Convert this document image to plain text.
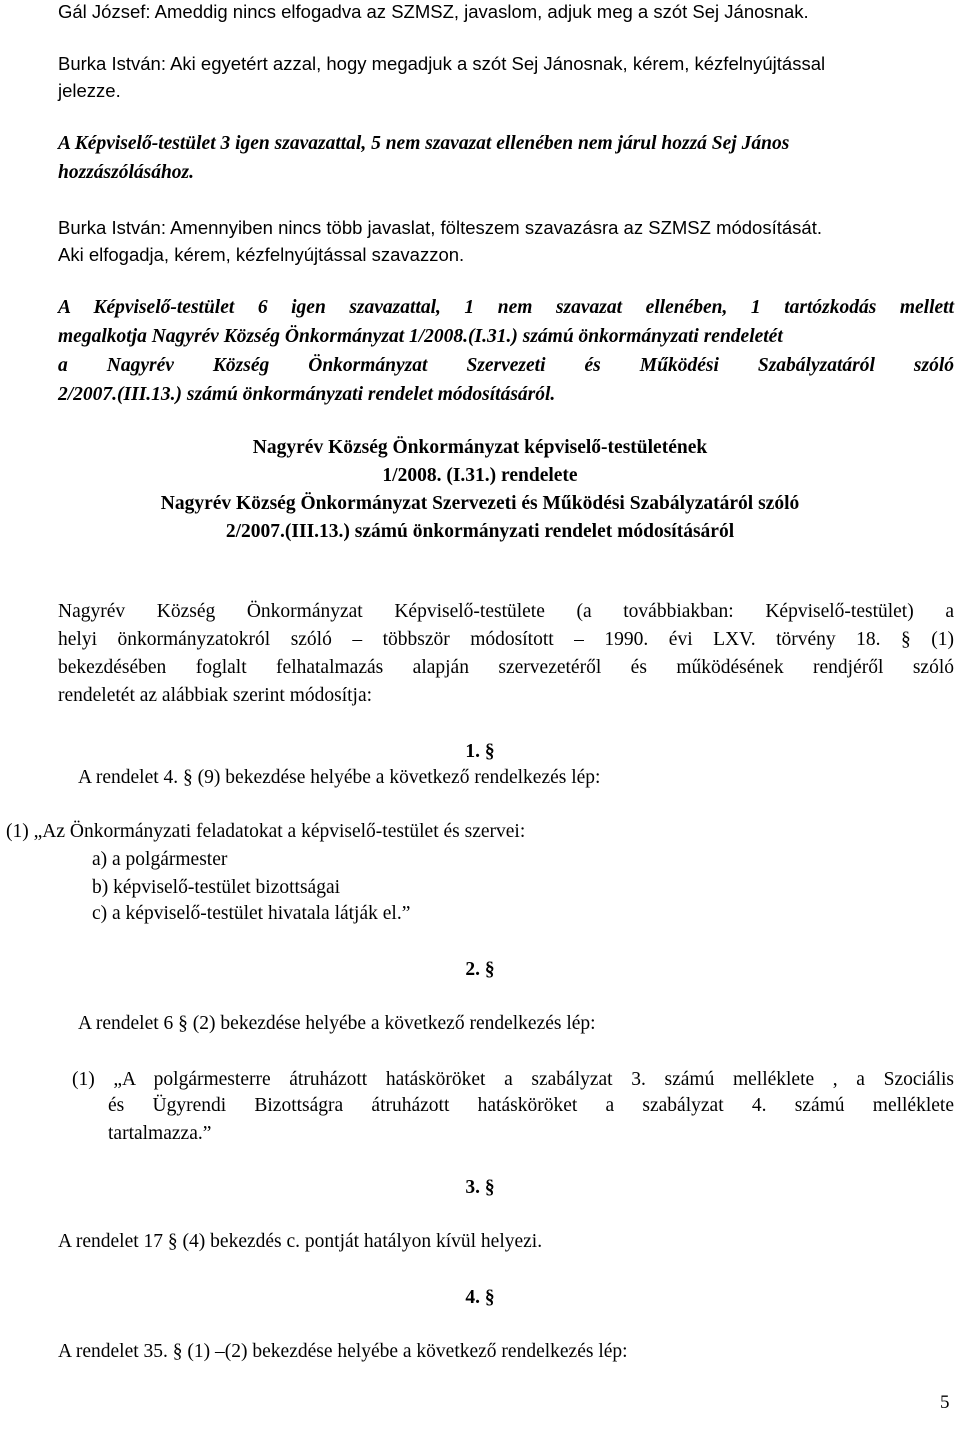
Gál József: Ameddig nincs elfogadva az SZMSZ, javaslom, adjuk meg a szót Sej Jánosnak.
Burka István: Aki egyetért azzal, hogy megadjuk a szót Sej Jánosnak, kérem, kézfelnyújtással
jelezze.
A Képviselő-testület 3 igen szavazattal, 5 nem szavazat ellenében nem járul hozzá Sej János
hozzászólásához.
Burka István: Amennyiben nincs több javaslat, fölteszem szavazásra az SZMSZ módosítását.
Aki elfogadja, kérem, kézfelnyújtással szavazzon.
A Képviselő-testület 6 igen szavazattal, 1 nem szavazat ellenében, 1 tartózkodás mellett
megalkotja Nagyrév Község Önkormányzat 1/2008.(I.31.) számú önkormányzati rendeletét
a Nagyrév Község Önkormányzat Szervezeti és Működési Szabályzatáról szóló
2/2007.(III.13.) számú önkormányzati rendelet módosításáról.
Nagyrév Község Önkormányzat képviselő-testületének
1/2008. (I.31.) rendelete
Nagyrév Község Önkormányzat Szervezeti és Működési Szabályzatáról szóló
2/2007.(III.13.) számú önkormányzati rendelet módosításáról
Nagyrév Község Önkormányzat Képviselő-testülete (a továbbiakban: Képviselő-testület) a
helyi önkormányzatokról szóló – többször módosított – 1990. évi LXV. törvény 18. § (1)
bekezdésében foglalt felhatalmazás alapján szervezetéről és működésének rendjéről szóló
rendeletét az alábbiak szerint módosítja:
1. §
A rendelet 4. § (9) bekezdése helyébe a következő rendelkezés lép:
(1) „Az Önkormányzati feladatokat a képviselő-testület és szervei:
a) a polgármester
b) képviselő-testület bizottságai
c) a képviselő-testület hivatala látják el.”
2. §
A rendelet 6 § (2) bekezdése helyébe a következő rendelkezés lép:
(1) „A polgármesterre átruházott hatásköröket a szabályzat 3. számú melléklete , a Szociális
és Ügyrendi Bizottságra átruházott hatásköröket a szabályzat 4. számú melléklete
tartalmazza.”
3. §
A rendelet 17 § (4) bekezdés c. pontját hatályon kívül helyezi.
4. §
A rendelet 35. § (1) –(2) bekezdése helyébe a következő rendelkezés lép:
5
